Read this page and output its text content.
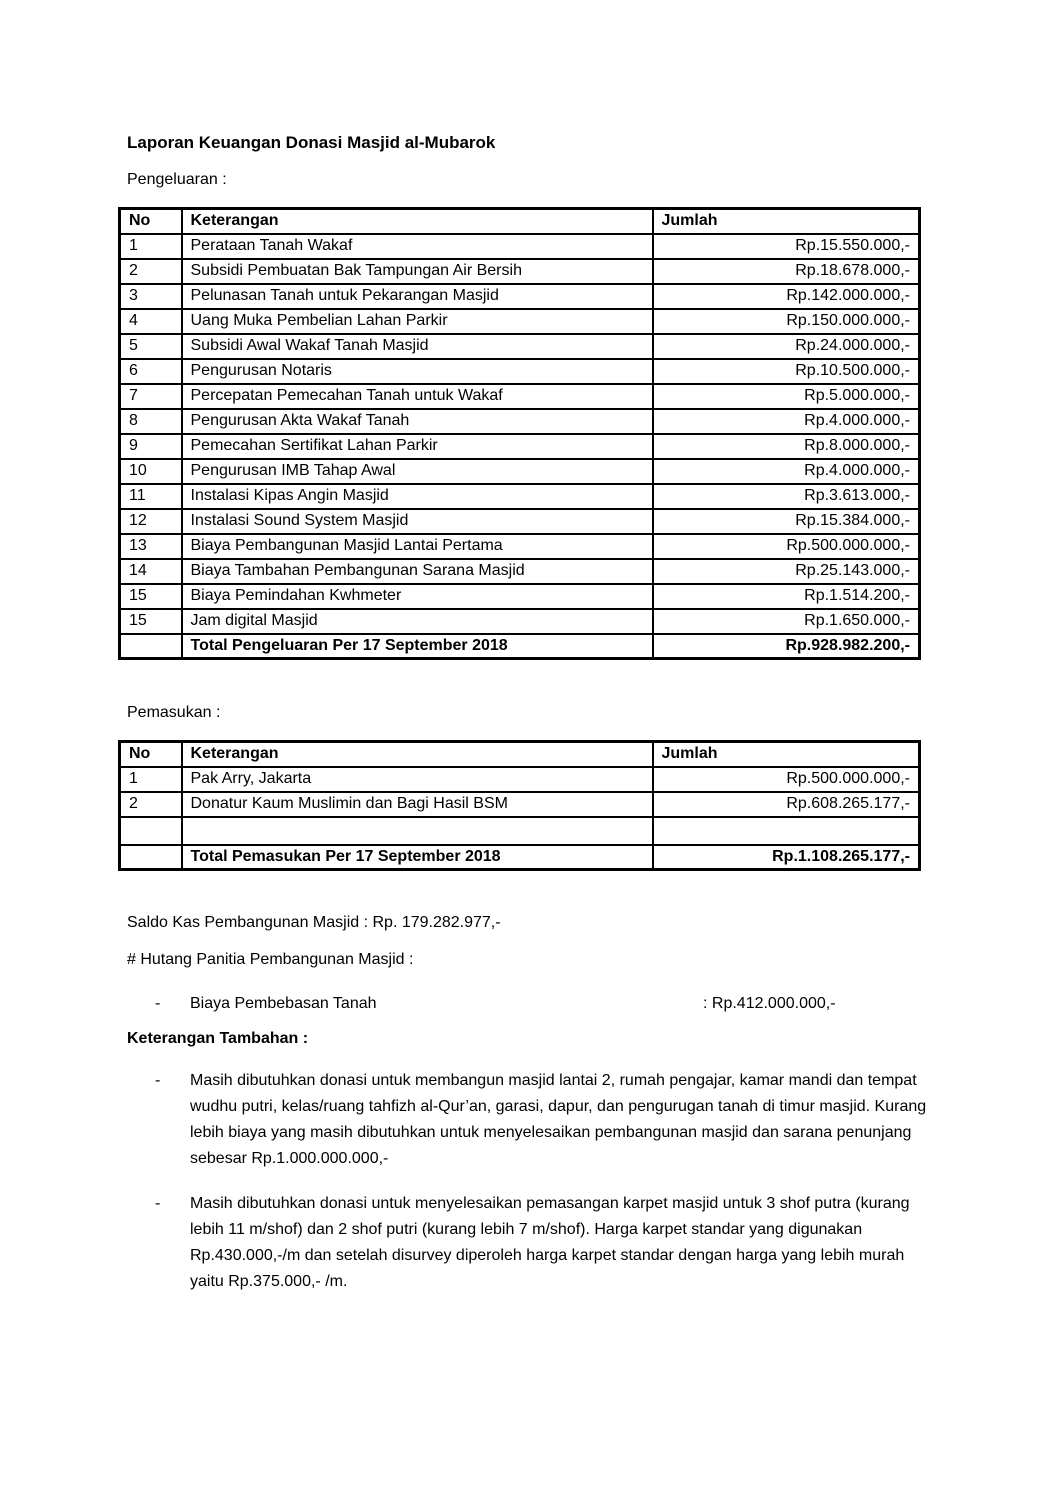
Laporan Keuangan Donasi Masjid al-Mubarok

Pengeluaran :

No	Keterangan	Jumlah
1	Perataan Tanah Wakaf	Rp.15.550.000,-
2	Subsidi Pembuatan Bak Tampungan Air Bersih	Rp.18.678.000,-
3	Pelunasan Tanah untuk Pekarangan Masjid	Rp.142.000.000,-
4	Uang Muka Pembelian Lahan Parkir	Rp.150.000.000,-
5	Subsidi Awal Wakaf Tanah Masjid	Rp.24.000.000,-
6	Pengurusan Notaris	Rp.10.500.000,-
7	Percepatan Pemecahan Tanah untuk Wakaf	Rp.5.000.000,-
8	Pengurusan Akta Wakaf Tanah	Rp.4.000.000,-
9	Pemecahan Sertifikat Lahan Parkir	Rp.8.000.000,-
10	Pengurusan IMB Tahap Awal	Rp.4.000.000,-
11	Instalasi Kipas Angin Masjid	Rp.3.613.000,-
12	Instalasi Sound System Masjid	Rp.15.384.000,-
13	Biaya Pembangunan Masjid Lantai Pertama	Rp.500.000.000,-
14	Biaya Tambahan Pembangunan Sarana Masjid	Rp.25.143.000,-
15	Biaya Pemindahan Kwhmeter	Rp.1.514.200,-
15	Jam digital Masjid	Rp.1.650.000,-
	Total Pengeluaran Per 17 September 2018	Rp.928.982.200,-

Pemasukan :

No	Keterangan	Jumlah
1	Pak Arry, Jakarta	Rp.500.000.000,-
2	Donatur Kaum Muslimin dan Bagi Hasil BSM	Rp.608.265.177,-

	Total Pemasukan Per 17 September 2018	Rp.1.108.265.177,-

Saldo Kas Pembangunan Masjid : Rp. 179.282.977,-

# Hutang Panitia Pembangunan Masjid :

-	Biaya Pembebasan Tanah	: Rp.412.000.000,-

Keterangan Tambahan :

-	Masih dibutuhkan donasi untuk membangun masjid lantai 2, rumah pengajar, kamar mandi dan tempat wudhu putri, kelas/ruang tahfizh al-Qur’an, garasi, dapur, dan pengurugan tanah di timur masjid. Kurang lebih biaya yang masih dibutuhkan untuk menyelesaikan pembangunan masjid dan sarana penunjang sebesar Rp.1.000.000.000,-
-	Masih dibutuhkan donasi untuk menyelesaikan pemasangan karpet masjid untuk 3 shof putra (kurang lebih 11 m/shof) dan 2 shof putri (kurang lebih 7 m/shof). Harga karpet standar yang digunakan Rp.430.000,-/m dan setelah disurvey diperoleh harga karpet standar dengan harga yang lebih murah yaitu Rp.375.000,- /m.
